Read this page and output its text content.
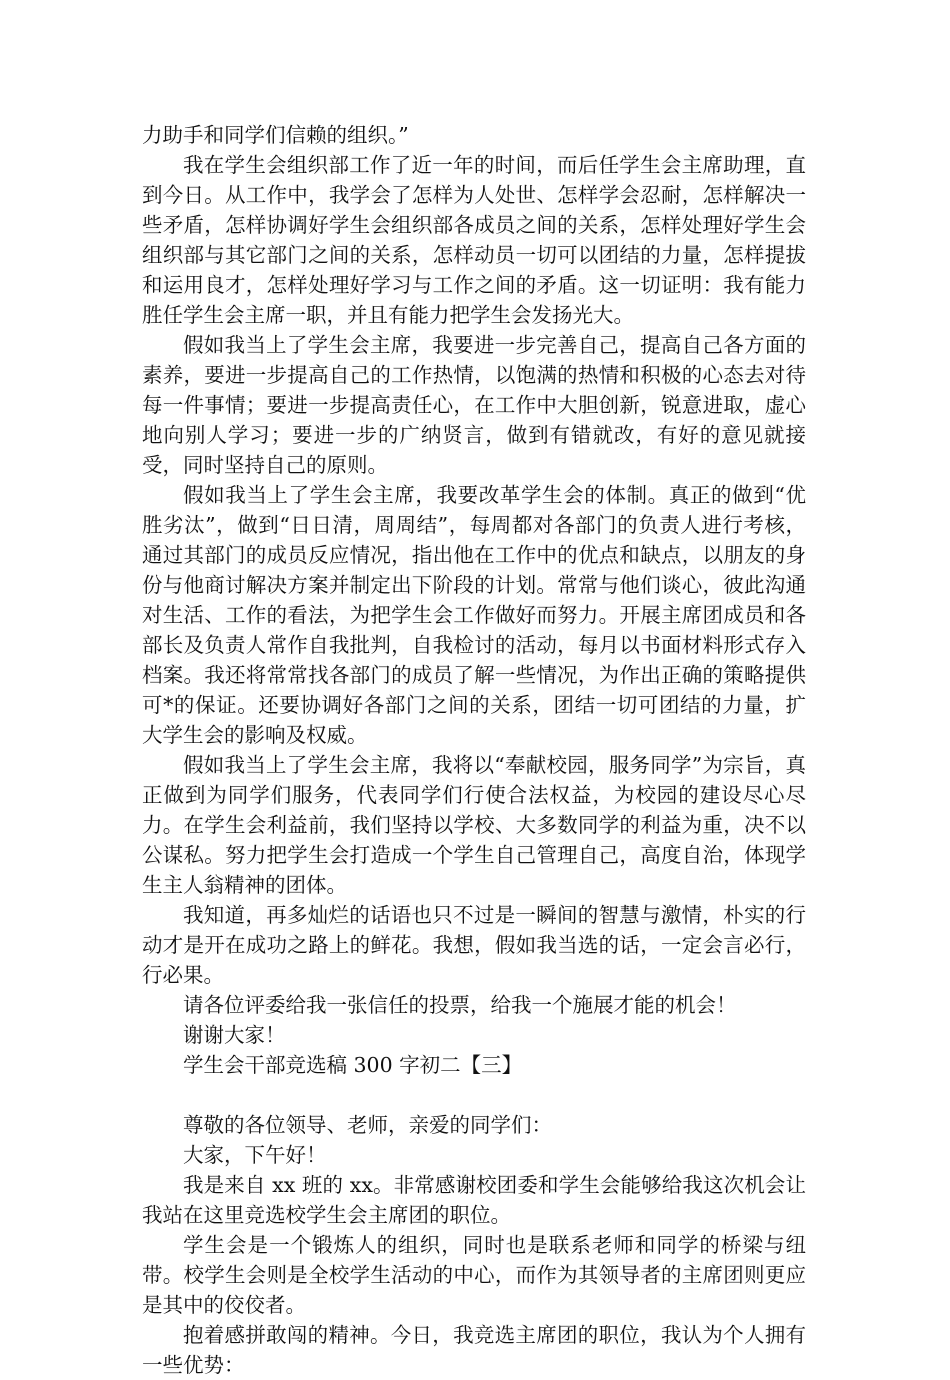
力助手和同学们信赖的组织。”

我在学生会组织部工作了近一年的时间，而后任学生会主席助理，直到今日。从工作中，我学会了怎样为人处世、怎样学会忍耐，怎样解决一些矛盾，怎样协调好学生会组织部各成员之间的关系，怎样处理好学生会组织部与其它部门之间的关系，怎样动员一切可以团结的力量，怎样提拔和运用良才，怎样处理好学习与工作之间的矛盾。这一切证明：我有能力胜任学生会主席一职，并且有能力把学生会发扬光大。

假如我当上了学生会主席，我要进一步完善自己，提高自己各方面的素养，要进一步提高自己的工作热情，以饱满的热情和积极的心态去对待每一件事情；要进一步提高责任心，在工作中大胆创新，锐意进取，虚心地向别人学习；要进一步的广纳贤言，做到有错就改，有好的意见就接受，同时坚持自己的原则。

假如我当上了学生会主席，我要改革学生会的体制。真正的做到“优胜劣汰”，做到“日日清，周周结”，每周都对各部门的负责人进行考核，通过其部门的成员反应情况，指出他在工作中的优点和缺点，以朋友的身份与他商讨解决方案并制定出下阶段的计划。常常与他们谈心，彼此沟通对生活、工作的看法，为把学生会工作做好而努力。开展主席团成员和各部长及负责人常作自我批判，自我检讨的活动，每月以书面材料形式存入档案。我还将常常找各部门的成员了解一些情况，为作出正确的策略提供可*的保证。还要协调好各部门之间的关系，团结一切可团结的力量，扩大学生会的影响及权威。

假如我当上了学生会主席，我将以“奉献校园，服务同学”为宗旨，真正做到为同学们服务，代表同学们行使合法权益，为校园的建设尽心尽力。在学生会利益前，我们坚持以学校、大多数同学的利益为重，决不以公谋私。努力把学生会打造成一个学生自己管理自己，高度自治，体现学生主人翁精神的团体。

我知道，再多灿烂的话语也只不过是一瞬间的智慧与激情，朴实的行动才是开在成功之路上的鲜花。我想，假如我当选的话，一定会言必行，行必果。

请各位评委给我一张信任的投票，给我一个施展才能的机会！

谢谢大家！

学生会干部竞选稿 300 字初二【三】

尊敬的各位领导、老师，亲爱的同学们：

大家，下午好！

我是来自 xx 班的 xx。非常感谢校团委和学生会能够给我这次机会让我站在这里竞选校学生会主席团的职位。

学生会是一个锻炼人的组织，同时也是联系老师和同学的桥梁与纽带。校学生会则是全校学生活动的中心，而作为其领导者的主席团则更应是其中的佼佼者。

抱着感拼敢闯的精神。今日，我竞选主席团的职位，我认为个人拥有一些优势：
